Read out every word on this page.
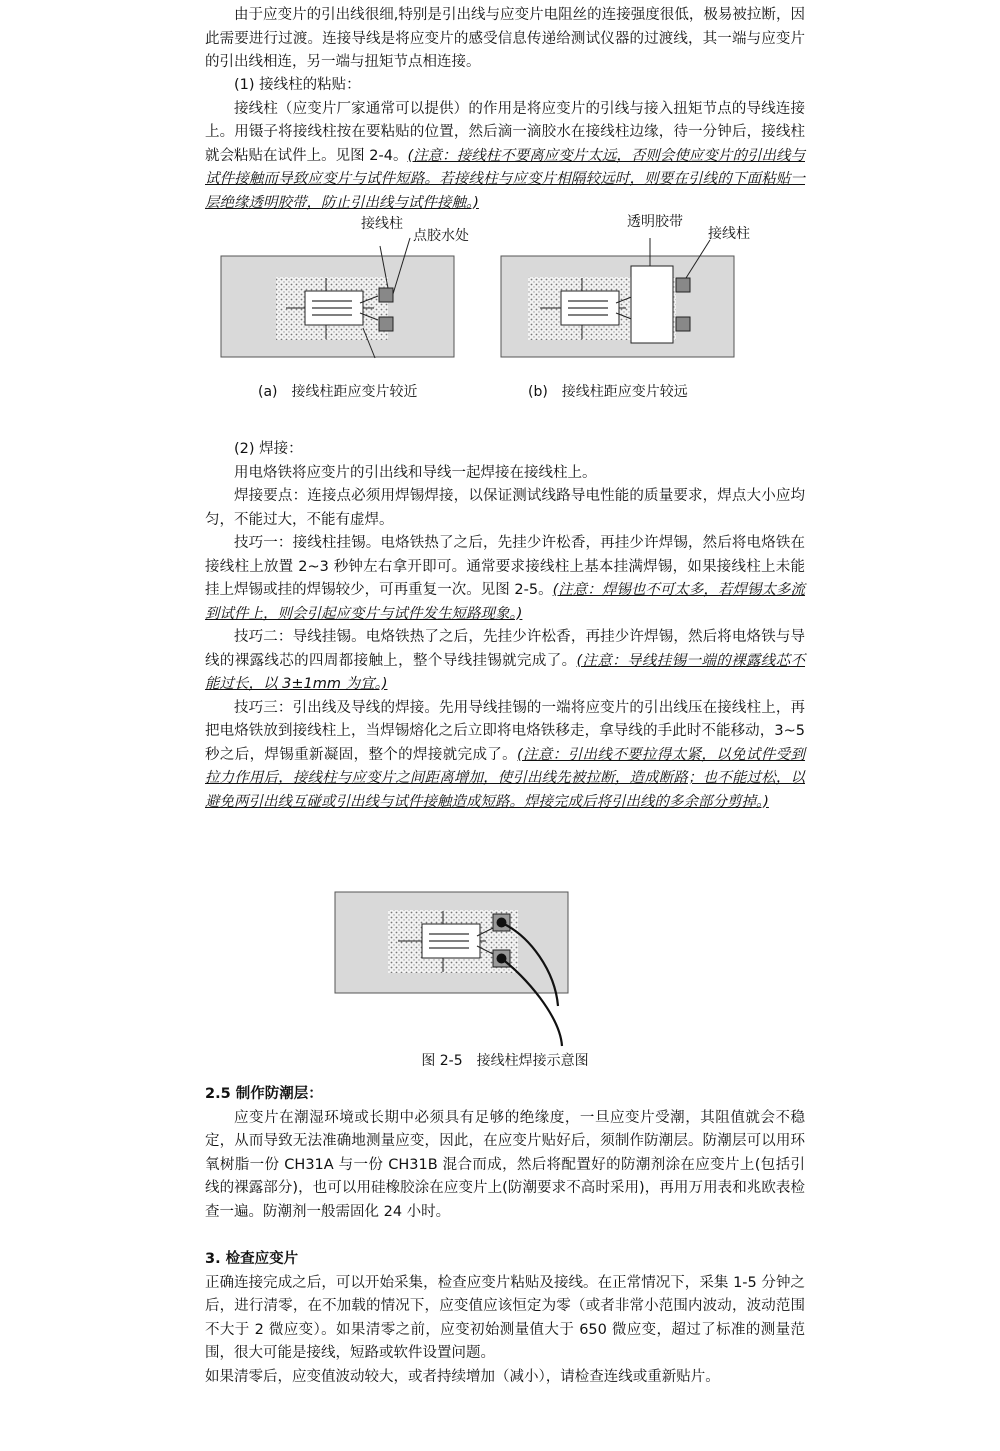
由于应变片的引出线很细,特别是引出线与应变片电阻丝的连接强度很低，极易被拉断，因此需要进行过渡。连接导线是将应变片的感受信息传递给测试仪器的过渡线，其一端与应变片的引出线相连，另一端与扭矩节点相连接。

(1) 接线柱的粘贴：

接线柱（应变片厂家通常可以提供）的作用是将应变片的引线与接入扭矩节点的导线连接上。用镊子将接线柱按在要粘贴的位置，然后滴一滴胶水在接线柱边缘，待一分钟后，接线柱就会粘贴在试件上。见图 2-4。(注意：接线柱不要离应变片太远，否则会使应变片的引出线与试件接触而导致应变片与试件短路。若接线柱与应变片相隔较远时，则要在引线的下面粘贴一层绝缘透明胶带，防止引出线与试件接触。)

接线柱
点胶水处
(a)　接线柱距应变片较近
透明胶带
接线柱
(b)　接线柱距应变片较远

(2) 焊接：

用电烙铁将应变片的引出线和导线一起焊接在接线柱上。

焊接要点：连接点必须用焊锡焊接，以保证测试线路导电性能的质量要求，焊点大小应均匀，不能过大，不能有虚焊。

技巧一：接线柱挂锡。电烙铁热了之后，先挂少许松香，再挂少许焊锡，然后将电烙铁在接线柱上放置 2~3 秒钟左右拿开即可。通常要求接线柱上基本挂满焊锡，如果接线柱上未能挂上焊锡或挂的焊锡较少，可再重复一次。见图 2-5。(注意：焊锡也不可太多，若焊锡太多流到试件上，则会引起应变片与试件发生短路现象。)

技巧二：导线挂锡。电烙铁热了之后，先挂少许松香，再挂少许焊锡，然后将电烙铁与导线的裸露线芯的四周都接触上，整个导线挂锡就完成了。(注意：导线挂锡一端的裸露线芯不能过长，以 3±1mm 为宜。)

技巧三：引出线及导线的焊接。先用导线挂锡的一端将应变片的引出线压在接线柱上，再把电烙铁放到接线柱上，当焊锡熔化之后立即将电烙铁移走，拿导线的手此时不能移动，3~5 秒之后，焊锡重新凝固，整个的焊接就完成了。(注意：引出线不要拉得太紧，以免试件受到拉力作用后，接线柱与应变片之间距离增加，使引出线先被拉断，造成断路；也不能过松，以避免两引出线互碰或引出线与试件接触造成短路。焊接完成后将引出线的多余部分剪掉。)

图 2-5　接线柱焊接示意图

2.5 制作防潮层：

应变片在潮湿环境或长期中必须具有足够的绝缘度，一旦应变片受潮，其阻值就会不稳定，从而导致无法准确地测量应变，因此，在应变片贴好后，须制作防潮层。防潮层可以用环氧树脂一份 CH31A 与一份 CH31B 混合而成，然后将配置好的防潮剂涂在应变片上(包括引线的裸露部分)，也可以用硅橡胶涂在应变片上(防潮要求不高时采用)，再用万用表和兆欧表检查一遍。防潮剂一般需固化 24 小时。

3. 检查应变片

正确连接完成之后，可以开始采集，检查应变片粘贴及接线。在正常情况下，采集 1-5 分钟之后，进行清零，在不加载的情况下，应变值应该恒定为零（或者非常小范围内波动，波动范围不大于 2 微应变）。如果清零之前，应变初始测量值大于 650 微应变，超过了标准的测量范围，很大可能是接线，短路或软件设置问题。

如果清零后，应变值波动较大，或者持续增加（减小），请检查连线或重新贴片。
